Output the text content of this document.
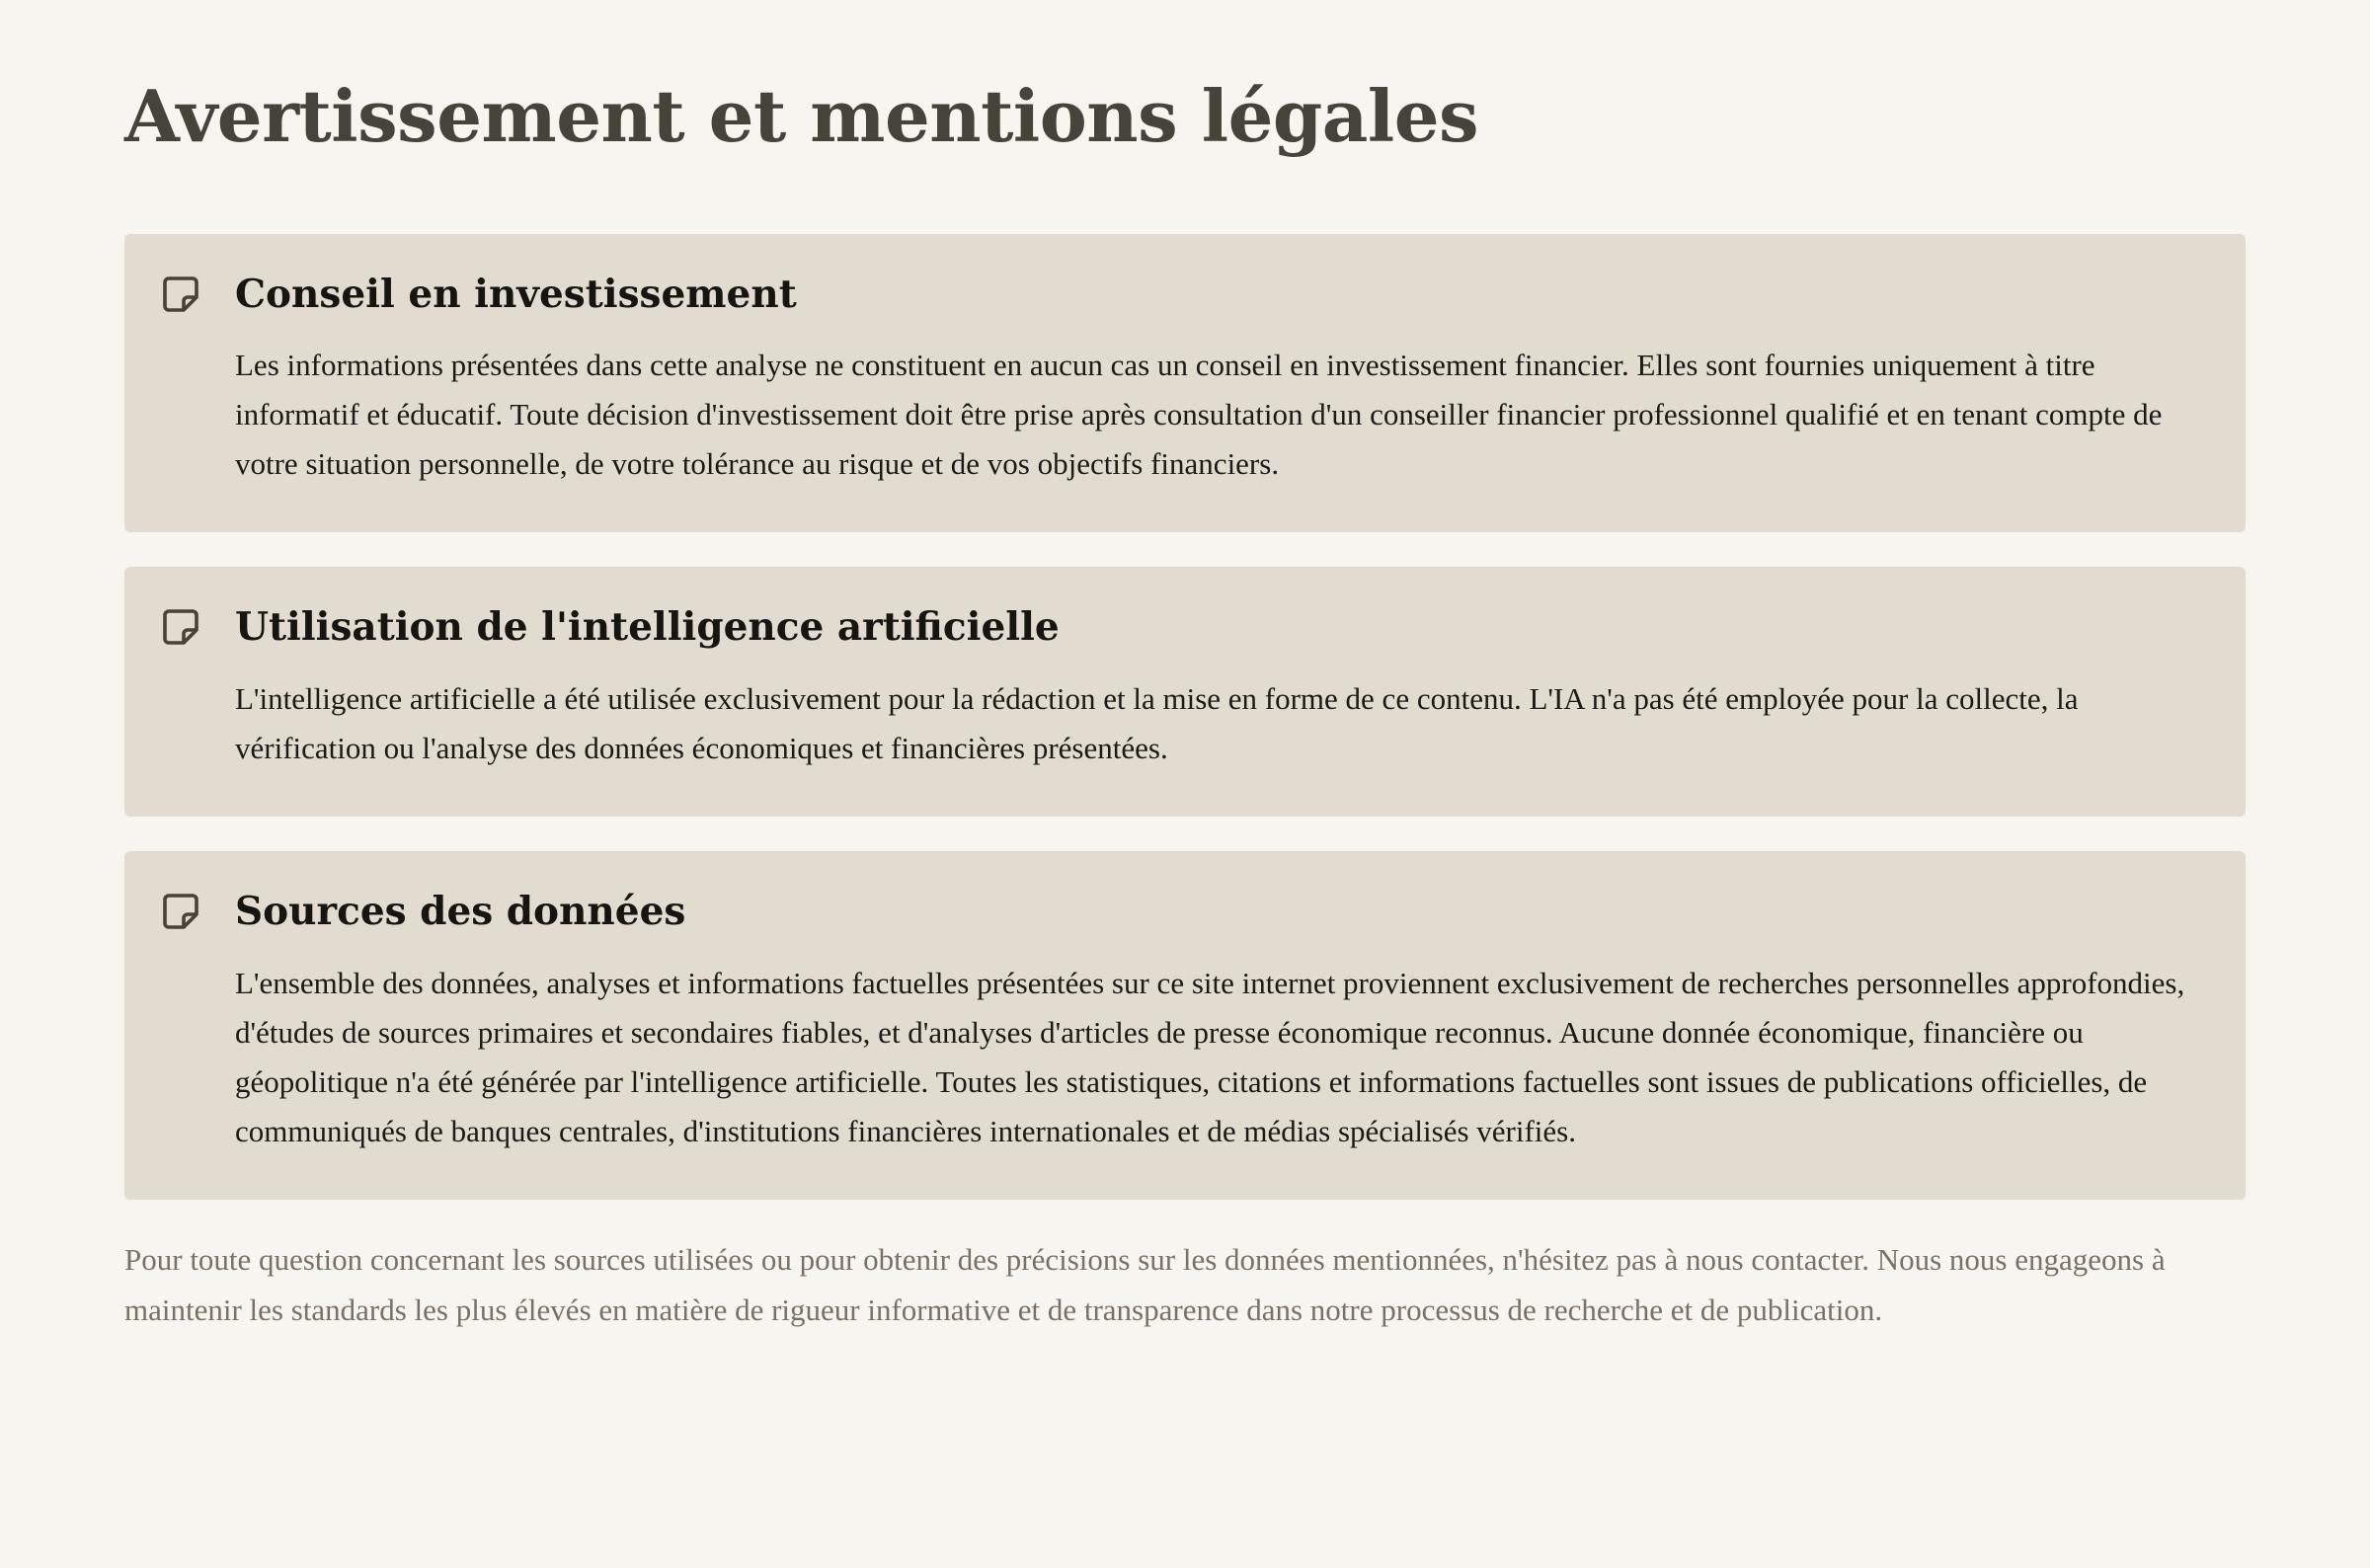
Avertissement et mentions légales
Conseil en investissement

Les informations présentées dans cette analyse ne constituent en aucun cas un conseil en investissement financier. Elles sont fournies uniquement à titre informatif et éducatif. Toute décision d'investissement doit être prise après consultation d'un conseiller financier professionnel qualifié et en tenant compte de votre situation personnelle, de votre tolérance au risque et de vos objectifs financiers.

Utilisation de l'intelligence artificielle

L'intelligence artificielle a été utilisée exclusivement pour la rédaction et la mise en forme de ce contenu. L'IA n'a pas été employée pour la collecte, la vérification ou l'analyse des données économiques et financières présentées.

Sources des données

L'ensemble des données, analyses et informations factuelles présentées sur ce site internet proviennent exclusivement de recherches personnelles approfondies, d'études de sources primaires et secondaires fiables, et d'analyses d'articles de presse économique reconnus. Aucune donnée économique, financière ou géopolitique n'a été générée par l'intelligence artificielle. Toutes les statistiques, citations et informations factuelles sont issues de publications officielles, de communiqués de banques centrales, d'institutions financières internationales et de médias spécialisés vérifiés.

Pour toute question concernant les sources utilisées ou pour obtenir des précisions sur les données mentionnées, n'hésitez pas à nous contacter. Nous nous engageons à maintenir les standards les plus élevés en matière de rigueur informative et de transparence dans notre processus de recherche et de publication.
